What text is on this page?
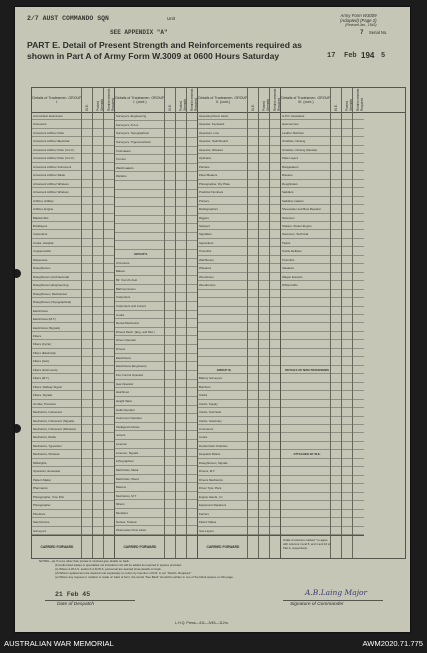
2/7 AUST COMMANDO SQN	Unit
Army Form W3009
(Adapted) (Page 2)
(Revised Jan., 1943)
7 Serial No.
SEE APPENDIX "A"
PART E. Detail of Present Strength and Reinforcements required as shown in Part A of Army Form W.3009 at 0600 Hours Saturday	17 Feb 194 5
Details of Tradesmen. GROUP I.
W.E. Posted Strength Reinforcements Required
Details of Tradesmen. GROUP I. (cont.)
W.E. Posted Strength Reinforcements Required
Details of Tradesmen. GROUP II. (cont.)
W.E. Posted Strength Reinforcements Required
Details of Tradesmen. GROUP III. (cont.)
W.E. Posted Strength Reinforcements Required
Ammunition Examiners
Armourers
Armament Artificer Fitter
Armament Artificer Electrical
Armament Artificer Fitter (A.F.V.)
Armament Artificer Fitter (A.F.V.)
Armament Artificer Instrument
Armament Artificer Radio
Armament Artificer Wireless
Armament Artificer Wireless
Artificer, Artillery
Artificer, Engine
Blacksmiths
Bricklayers
Carpenters
Cooks, Hospital
Coppersmiths
Dispensers
Draughtsmen
Draughtsmen (Architectural)
Draughtsmen (Engineering)
Draughtsmen, Mechanical
Draughtsmen (Topographical)
Electricians
Electricians (M.T.)
Electricians (Signals)
Fitters
Fitters (Cycle)
Fitters (Electrical)
Fitters (Gun)
Fitters (Instrument)
Fitters (M.T.)
Fitters, Railway Signal
Fitters, Signals
Grinder, Precision
Mechanics, Instrument
Mechanics, Instrument (Signals)
Mechanics, Instrument (Wireless)
Mechanics, Radio
Mechanics, Typewriter
Mechanics, Wireless
Millwrights
Operators, Excavator
Pattern Maker
Pharmacist
Photographer, Cine Film
Photographer
Plumbers
Saw Doctors
Surveyors
Surveyors, Engineering
Surveyors, R.A.A.
Surveyors, Topographical
Surveyors, Trigonometrical
Toolmakers
Turners
Watchmakers
Welders
GROUP II.
Armourers
Bakers
Blr. Comd's Asst.
Bathroomsmen
Carpenters
Carpenters and Joiners
Cooks
Dental Mechanics
Drivers Mech. (Eng. and Mot.)
Driver-Operator
Drivers
Electricians
Electricians (Engineers)
Fire Control Operator
Gas Operator
Hatchmen
Height Taker
Holla Operator
Instrument Operator
Intelligence Duties
Joiners
Linemen
Linemen, Signals
Lithographers
Machinists, Metal
Machinists, Wood
Masons
Mechanics, M.T.
Miners
Moulders
Nurses, Trained
Observation Post Assts.
Operating Room Assts.
Operator, Keyboard
Operators, Line
Operator, Switchboard
Operator, Wireless
Opticians
Painters
Panel Beaters
Photographer, Dry Plate
Predictor Numbers
Printers
Radiographers
Riggers
Sawyers
Signallers
Signwriters
Tinsmiths
Wall Borers
Wheelers
Woodsmen
Woodturners
GROUP III.
Battery Surveyors
Butchers
Clerks
Clerks, Supply
Clerks, Technical
Clerks, Veterinary
Concretors
Cooks
Dental Clerk Orderlies
Despatch Riders
Draughtsmen, Signals
Drivers, M.T.
Drivers Mechanics
Driver Tpts. Plant
Engine Hands, I.C.
Equipment Repairers
Farriers
Fitters' Mates
Gas Layers
G.P.O. Assistants
Hammermen
Leather Stitchers
Orderlies, Nursing
Orderlies, Nursing (Mental)
Plate Layers
Rangetakers
Riveters
Roughriders
Saddlers
Saddlers makers
Shoemaker and Boot Repairer
Storemen
Stokers, Stoker Engine
Storemen, Technical
Tailors
Textile Refitters
Tinsmiths
Valuators
Wagon Erectors
Whitesmiths
DETAILS OF NON-TRADESMEN
ATTACHED BY W.E.
CARRIED FORWARD	CARRIED FORWARD	CARRIED FORWARD
Totals of columns marked * to agree with columns 4 and 5, and 1 and 10 of Part A, respectively.
NOTES—(a) If more other than private is involved give details on back.
(b) Authorized trades or specialists not included in list will be added as required in spaces provided.
(c) Where A.W.A.S. and/or A.A.M.W.S. personnel are desired show details on back.
(d) Where replacement are desired note separately on return by insertion of R.R. in col. "Reinfs. Required."
(e) Where any request or notation is made on back of form, the words "See Back" should be written in one of the blank spaces on this page.
21 Feb 45
Date of Despatch
A.B.Laing Major
Signature of Commander
L.H.Q. Press—411—3/45—112m.
AUSTRALIAN WAR MEMORIAL	AWM2020.71.775
